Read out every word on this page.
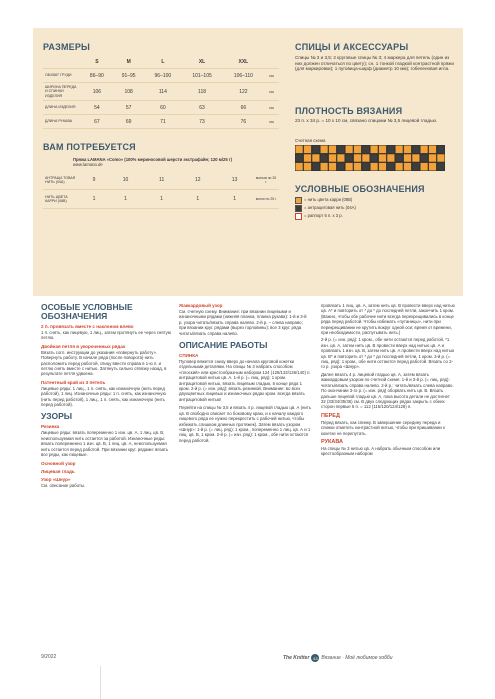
РАЗМЕРЫ
	S	M	L	XL	XXL	
ОБХВАТ ГРУДИ	86–90	91–95	96–100	101–105	106–110	см
ШИРИНА ПЕРЕДА И СПИНКИ ИЗДЕЛИЯ	106	108	114	118	122	см
ДЛИНА ИЗДЕЛИЯ	54	57	60	63	66	см
ДЛИНА РУКАВА	67	69	71	73	76	см
ВАМ ПОТРЕБУЕТСЯ
Пряжа LAMANA «Como» (100% мериносовой шерсти экстрафайн; 120 м/25 г)
www.lamana.de
АНТРАЦИ-ТОВАЯ НИТЬ (04А)	9	10	11	12	13	мотков по 25 г
НИТЬ ЦВЕТА КАРРИ (08В)	1	1	1	1	1	моток по 25 г
СПИЦЫ И АКСЕССУАРЫ

Спицы № 3 и 3,5; 2 круговые спицы № 3; 4 маркера для петель (один из них должен отличаться по цвету); сн. 1 тонкой гладкой контрастной пряжи (для маркировки); 1 пуговица-шарф (диаметр 10 мм); гобеленовая игла.

ПЛОТНОСТЬ ВЯЗАНИЯ

23 п. х 34 р. = 10 х 10 см, связано спицами № 3,5 лицевой гладью.

Счетная схема
УСЛОВНЫЕ ОБОЗНАЧЕНИЯ
= нить цвета карри (08В)
= антрацитовая нить (04А)
= раппорт 6 п. х 3 р.
ОСОБЫЕ УСЛОВНЫЕ ОБОЗНАЧЕНИЯ
2 п. провязать вместе с наклоном влево

1 п. снять, как лицевую, 1 лиц., затем протянуть ее через снятую петлю.

Двойная петля в укороченных рядах

Вязать согл. инструкции до указания «повернуть работу». Повернуть работу. В начале ряда (после поворота) нить расположить перед работой, спицу ввести справа в 1-ю п. и петлю снять вместе с нитью. Затянуть сильно отвязку назад, в результате петля удвоена.

Патентный край из 3 петель

Лицевые ряды: 1 лиц., 1 п. снять, как изнаночную (нить перед работой), 1 лиц. Изнаночные ряды: 1 п. снять, как изнаночную (нить перед работой), 1 лиц., 1 п. снять, как изнаночную (нить перед работой).

УЗОРЫ
Резинка

Лицевые ряды: вязать попеременно 1 изн. цв. А, 1 лиц. цв. В, неиспользуемая нить остается за работой. Изнаночные ряды: вязать попеременно 1 изн. цв. В, 1 лиц. цв. А, неиспользуемая нить остается перед работой. При вязании круг. рядами: вязать все ряды, как лицевые.

Основной узор
Лицевая гладь
Узор «Шнур»

См. описание работы.

Жаккардовый узор

См. счетную схему. Внимание: при вязании лицевыми и изнаночными рядами (нижняя планка, планка рукава): 1-й и 3-й р. узора читать/вязать справа налево. 2-й р. – слева направо; при вязании круг. рядами (вырез горловины): все 3 круг. ряда читать/вязать справа налево.

ОПИСАНИЕ РАБОТЫ
СПИНКА

Пуловер вяжется снизу вверх до начала круговой кокетки отдельными деталями. На спицы № 3 набрать способом «плоский» или крестообразным набором 124 (128/132/136/140) п. антрацитовой нитью цв. А. 1-й р. (= лиц. ряд): 1 кром. антрацитовой нитью, вязать лицевым гладью, в конце ряда 1 кром. 2-й р. (= изн. ряд): вязать резинкой. Внимание: во всех двухцветных лицевых и изнаночных рядах кром. всегда вязать антрацитовой нитью!

Перейти на спицы № 3,5 и вязать 4 р. лицевой гладью цв. А (нить цв. В свободно свисает по боковому краю, и к началу каждого лицевого ряда ее нужно перекрестить с рабочей нитью, чтобы избежать слишком длинных протяжек). Затем вязать узором «Шнур»: 1-й р. (= лиц. ряд): 1 кром., попеременно 1 лиц. цв. А и 1 лиц. цв. В, 1 кром. 2-й р. (= изн. ряд): 1 кром., обе нити остаются перед работой.

провязать 1 лиц. цв. А, затем нить цв. В провести вверх над нитью цв. А* и повторить от * до * до последней петли, закончить 1 кром. (Важно, чтобы обе рабочие нити всегда перекрещивались в конце ряда перед работой. Чтобы избежать «путаницы», нити при перекрещивании не крутить вокруг одной оси; время от времени, при необходимости, распутывать нить.)

2-й р. (= изн. ряд): 1 кром., обе нити остаются перед работой, *1 изн. цв. А, затем нить цв. В провести вверх над нитью цв. А и провязать 1 изн. цв. В, затем нить цв. А провести вверх над нитью цв. В* и повторить от * до * до последней петли, 1 кром. 3-й р. (= лиц. ряд): 1 кром., обе нити остаются перед работой. Вязать со 2-го р. узора «Шнур».

Далее вязать 4 р. лицевой гладью цв. А, затем вязать жаккардовым узором по счетной схеме: 1-й и 3-й р. (= лиц. ряд): читать/вязать справа налево. 2-й р.: читать/вязать слева направо. По окончании 3-го р. (= изн. ряд) оборвать нить цв. В. Вязать дальше лицевой гладью цв. А, пока высота детали не достигнет 32 (33/34/35/36) см. В двух следующих рядах закрыть с обеих сторон первые 6 п. = 112 (116/120/124/128) п.

ПЕРЕД

Перед вязать, как спинку. В завершение середину переда и спинки отметить контрастной нитью, чтобы при пришивании к кокетке не перепутать.

РУКАВА

На спицы № 3 нитью цв. А набрать обычным способом или крестообразным набором

9/2022	The Knitter 43 Вязание · Моё любимое хобби
